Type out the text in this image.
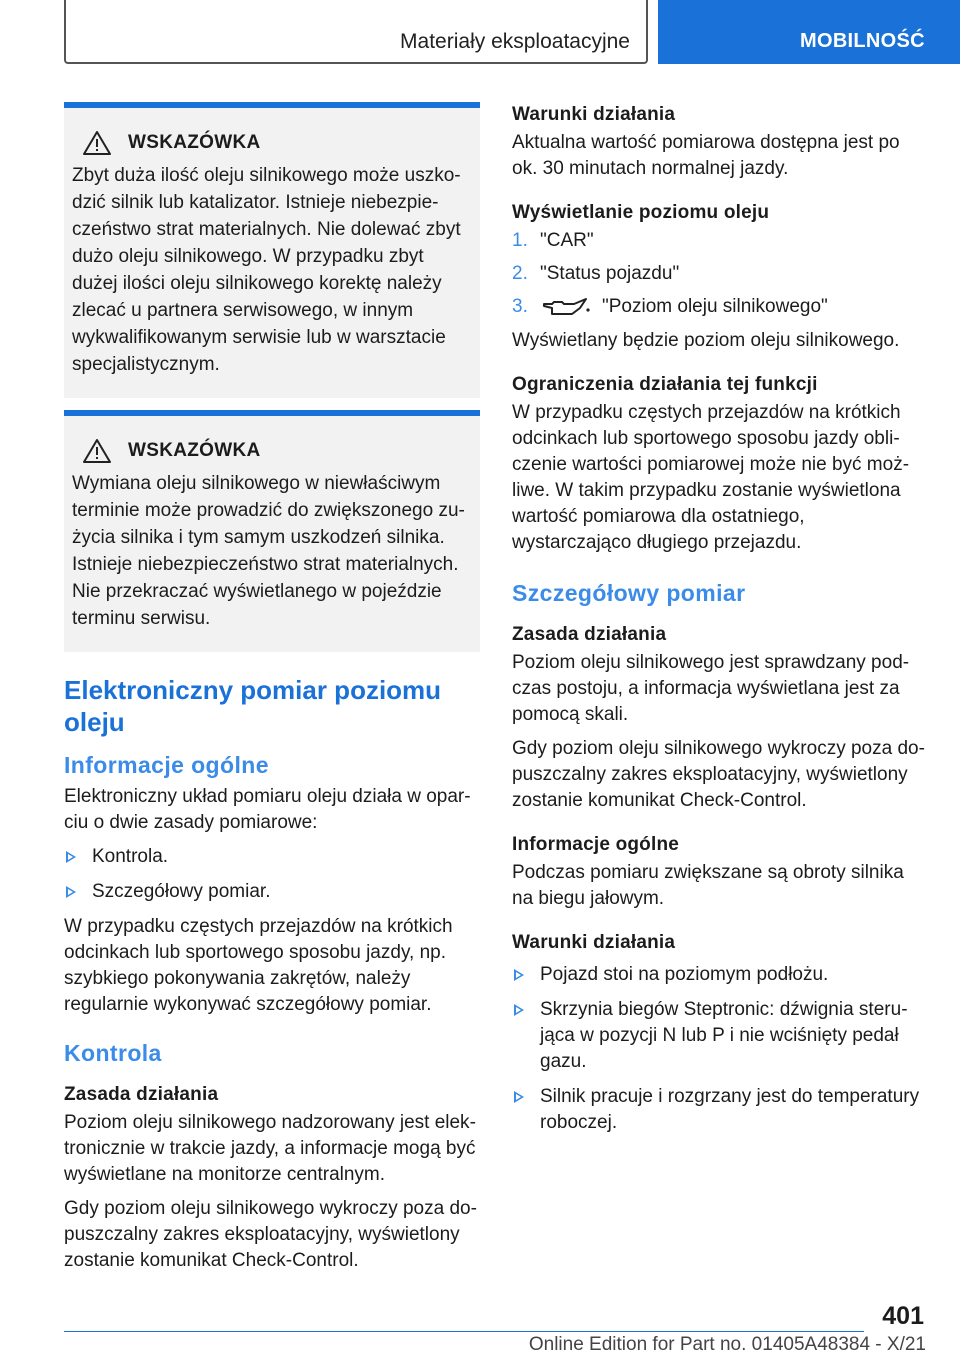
Materiały eksploatacyjne	MOBILNOŚĆ
WSKAZÓWKA
Zbyt duża ilość oleju silnikowego może uszkodzić silnik lub katalizator. Istnieje niebezpieczeństwo strat materialnych. Nie dolewać zbyt dużo oleju silnikowego. W przypadku zbyt dużej ilości oleju silnikowego korektę należy zlecać u partnera serwisowego, w innym wykwalifikowanym serwisie lub w warsztacie specjalistycznym.
WSKAZÓWKA
Wymiana oleju silnikowego w niewłaściwym terminie może prowadzić do zwiększonego zużycia silnika i tym samym uszkodzeń silnika. Istnieje niebezpieczeństwo strat materialnych. Nie przekraczać wyświetlanego w pojeździe terminu serwisu.
Elektroniczny pomiar poziomu oleju
Informacje ogólne

Elektroniczny układ pomiaru oleju działa w oparciu o dwie zasady pomiarowe:

Kontrola.
Szczegółowy pomiar.

W przypadku częstych przejazdów na krótkich odcinkach lub sportowego sposobu jazdy, np. szybkiego pokonywania zakrętów, należy regularnie wykonywać szczegółowy pomiar.

Kontrola
Zasada działania

Poziom oleju silnikowego nadzorowany jest elektronicznie w trakcie jazdy, a informacje mogą być wyświetlane na monitorze centralnym.

Gdy poziom oleju silnikowego wykroczy poza dopuszczalny zakres eksploatacyjny, wyświetlony zostanie komunikat Check-Control.

Warunki działania

Aktualna wartość pomiarowa dostępna jest po ok. 30 minutach normalnej jazdy.

Wyświetlanie poziomu oleju
1. "CAR"
2. "Status pojazdu"
3.	"Poziom oleju silnikowego"

Wyświetlany będzie poziom oleju silnikowego.

Ograniczenia działania tej funkcji

W przypadku częstych przejazdów na krótkich odcinkach lub sportowego sposobu jazdy obliczenie wartości pomiarowej może nie być możliwe. W takim przypadku zostanie wyświetlona wartość pomiarowa dla ostatniego, wystarczająco długiego przejazdu.

Szczegółowy pomiar
Zasada działania

Poziom oleju silnikowego jest sprawdzany podczas postoju, a informacja wyświetlana jest za pomocą skali.

Gdy poziom oleju silnikowego wykroczy poza dopuszczalny zakres eksploatacyjny, wyświetlony zostanie komunikat Check-Control.

Informacje ogólne

Podczas pomiaru zwiększane są obroty silnika na biegu jałowym.

Warunki działania
Pojazd stoi na poziomym podłożu.
Skrzynia biegów Steptronic: dźwignia sterująca w pozycji N lub P i nie wciśnięty pedał gazu.
Silnik pracuje i rozgrzany jest do temperatury roboczej.
401
Online Edition for Part no. 01405A48384 - X/21
